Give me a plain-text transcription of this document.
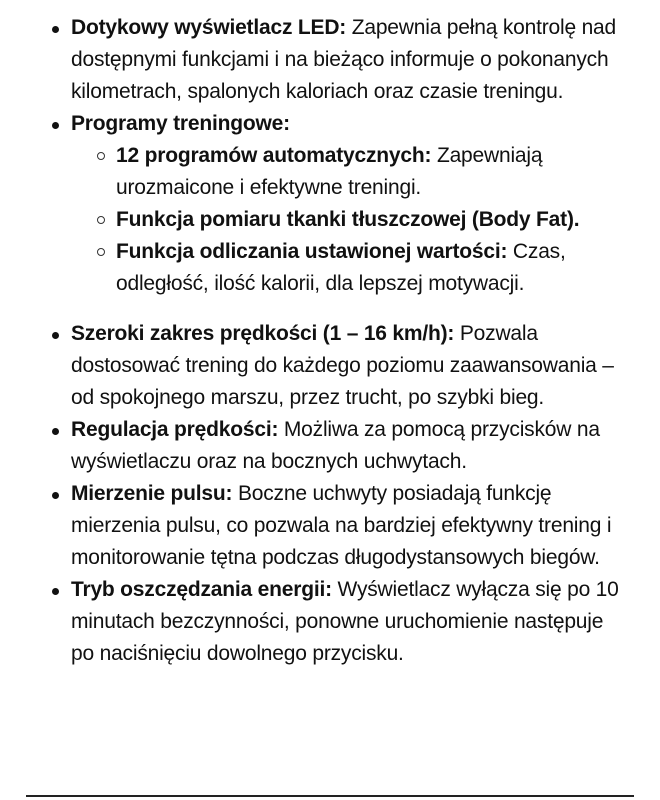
Dotykowy wyświetlacz LED: Zapewnia pełną kontrolę nad dostępnymi funkcjami i na bieżąco informuje o pokonanych kilometrach, spalonych kaloriach oraz czasie treningu.
Programy treningowe:
12 programów automatycznych: Zapewniają urozmaicone i efektywne treningi.
Funkcja pomiaru tkanki tłuszczowej (Body Fat).
Funkcja odliczania ustawionej wartości: Czas, odległość, ilość kalorii, dla lepszej motywacji.
Szeroki zakres prędkości (1 – 16 km/h): Pozwala dostosować trening do każdego poziomu zaawansowania – od spokojnego marszu, przez trucht, po szybki bieg.
Regulacja prędkości: Możliwa za pomocą przycisków na wyświetlaczu oraz na bocznych uchwytach.
Mierzenie pulsu: Boczne uchwyty posiadają funkcję mierzenia pulsu, co pozwala na bardziej efektywny trening i monitorowanie tętna podczas długodystansowych biegów.
Tryb oszczędzania energii: Wyświetlacz wyłącza się po 10 minutach bezczynności, ponowne uruchomienie następuje po naciśnięciu dowolnego przycisku.
